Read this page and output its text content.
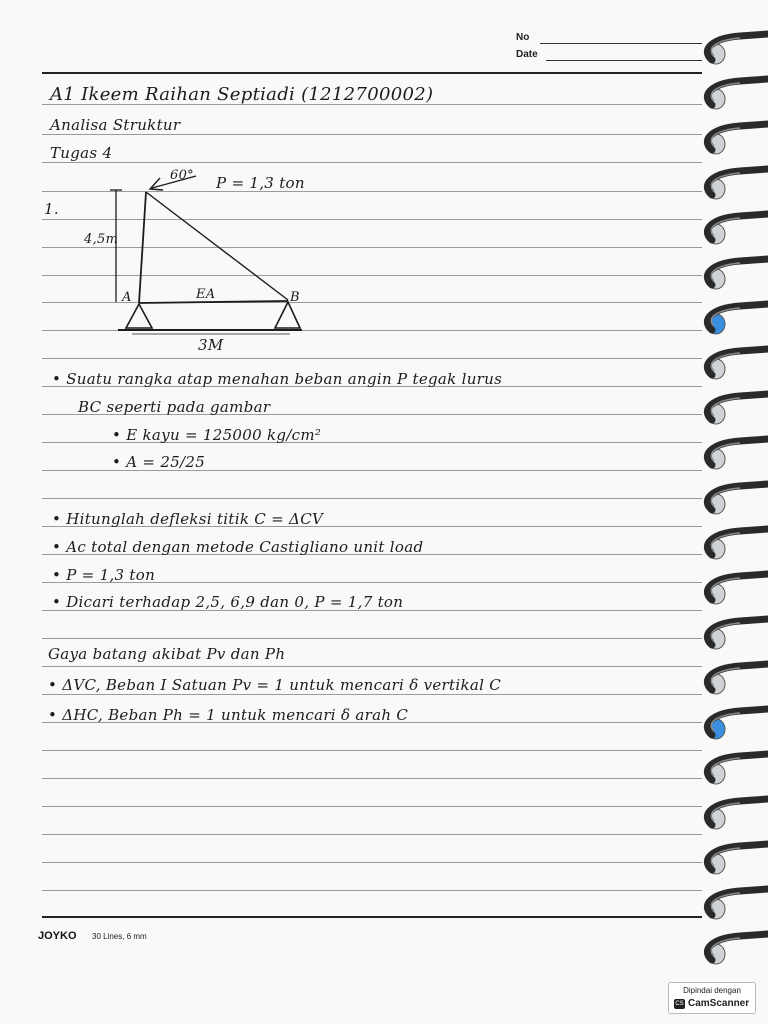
No
Date
A1 Ikeem Raihan Septiadi (1212700002)
Analisa Struktur
Tugas 4
1.
4,5m
60° P = 1,3 ton
EA
A	B
3M
• Suatu rangka atap menahan beban angin P tegak lurus
BC seperti pada gambar
• E kayu = 125000 kg/cm²
• A = 25/25
• Hitunglah defleksi titik C = ΔCV
• Ac total dengan metode Castigliano unit load
• P = 1,3 ton
• Dicari terhadap 2,5, 6,9 dan 0, P = 1,7 ton
Gaya batang akibat Pv dan Ph
• ΔVC, Beban I Satuan Pv = 1 untuk mencari δ vertikal C
• ΔHC, Beban Ph = 1 untuk mencari δ arah C
JOYKO 30 Lines, 6 mm
Dipindai dengan
CS CamScanner
